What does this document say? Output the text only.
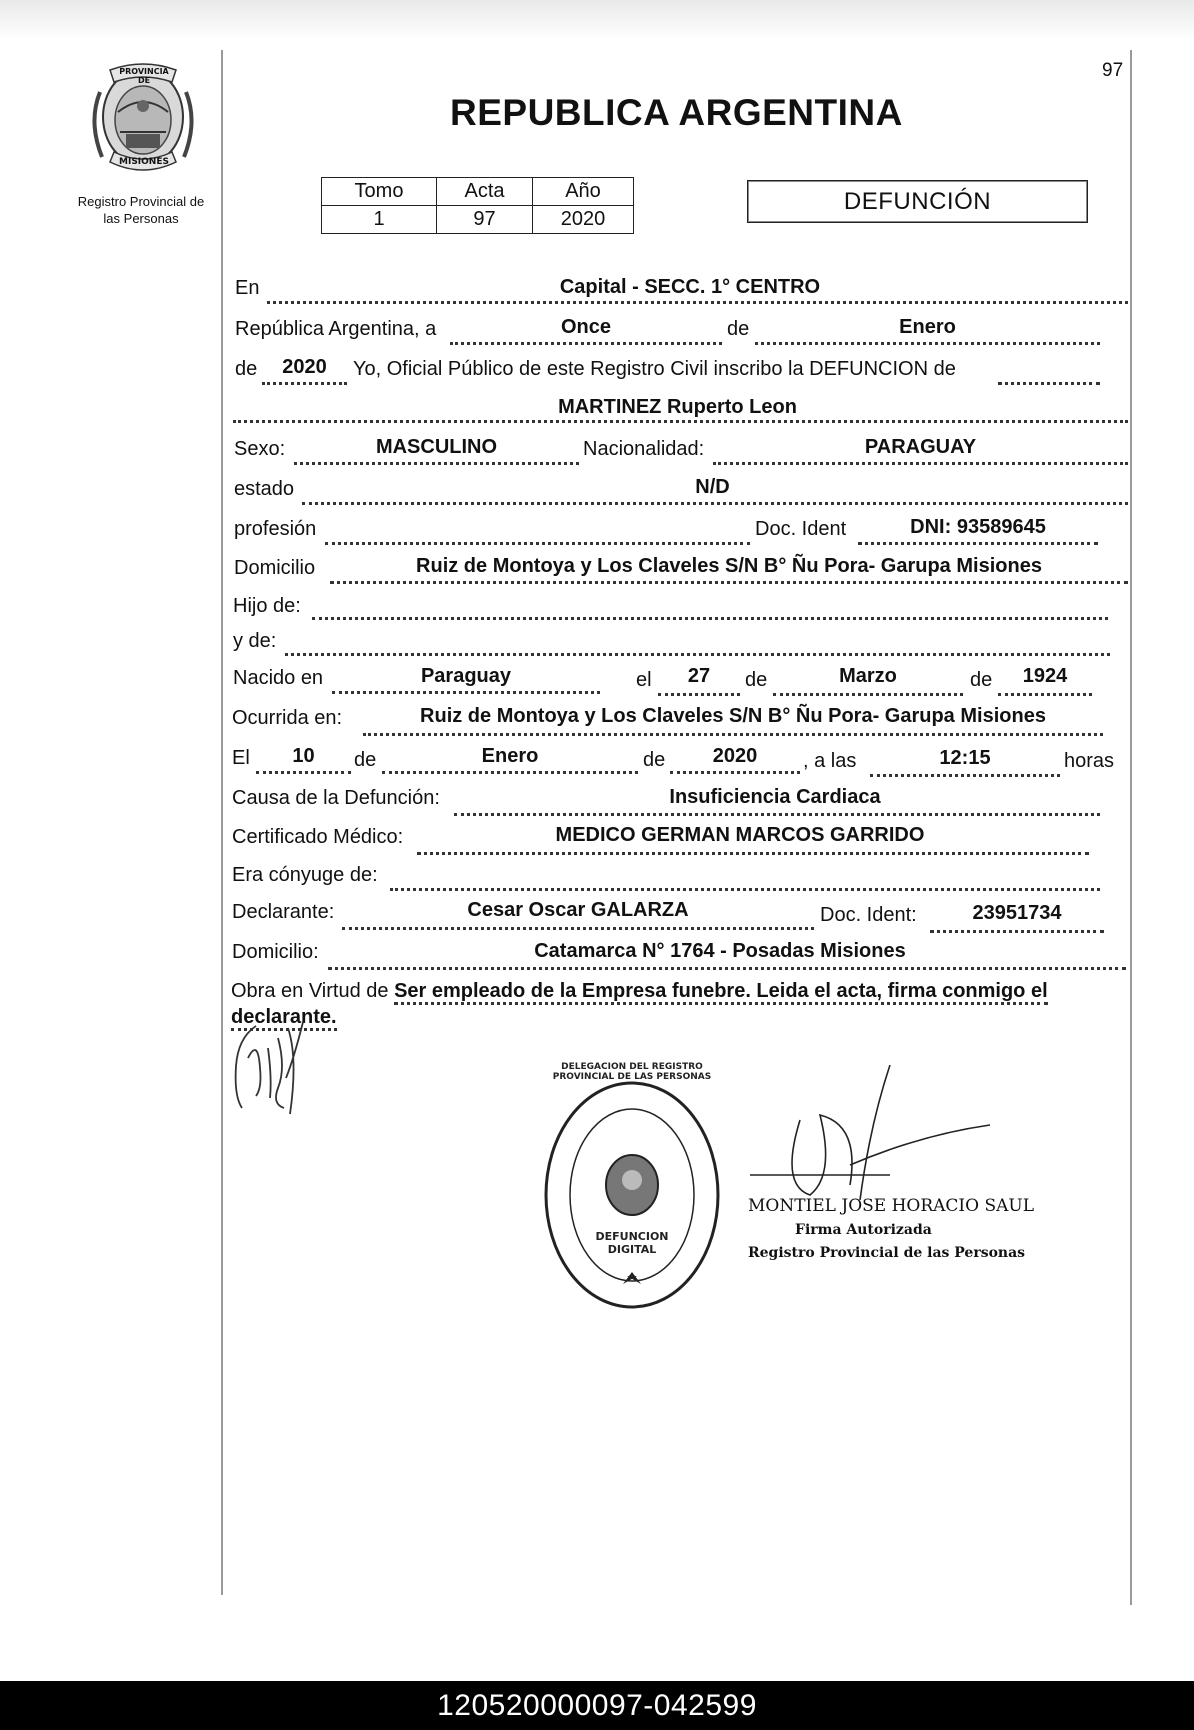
97
PROVINCIA DE
MISIONES
Registro Provincial de
las Personas
REPUBLICA ARGENTINA
Tomo	Acta	Año
1	97	2020
DEFUNCIÓN
En	Capital - SECC. 1° CENTRO
República Argentina, a	Once	de	Enero
de	2020	Yo, Oficial Público de este Registro Civil inscribo la DEFUNCION de
MARTINEZ Ruperto Leon
Sexo:	MASCULINO	Nacionalidad:	PARAGUAY
estado	N/D
profesión	Doc. Ident	DNI: 93589645
Domicilio	Ruiz de Montoya y Los Claveles S/N B° Ñu Pora- Garupa Misiones
Hijo de:
y de:
Nacido en	Paraguay	el	27	de	Marzo	de	1924
Ocurrida en:	Ruiz de Montoya y Los Claveles S/N B° Ñu Pora- Garupa Misiones
El	10	de	Enero	de	2020	, a las	12:15	horas
Causa de la Defunción:	Insuficiencia Cardiaca
Certificado Médico:	MEDICO GERMAN MARCOS GARRIDO
Era cónyuge de:
Declarante:	Cesar Oscar GALARZA	Doc. Ident:	23951734
Domicilio:	Catamarca N° 1764 - Posadas Misiones
Obra en Virtud de Ser empleado de la Empresa funebre. Leida el acta, firma conmigo el
declarante.
DELEGACION DEL REGISTRO PROVINCIAL DE LAS PERSONAS
DEFUNCION DIGITAL
MONTIEL JOSE HORACIO SAUL
Firma Autorizada
Registro Provincial de las Personas
120520000097-042599
